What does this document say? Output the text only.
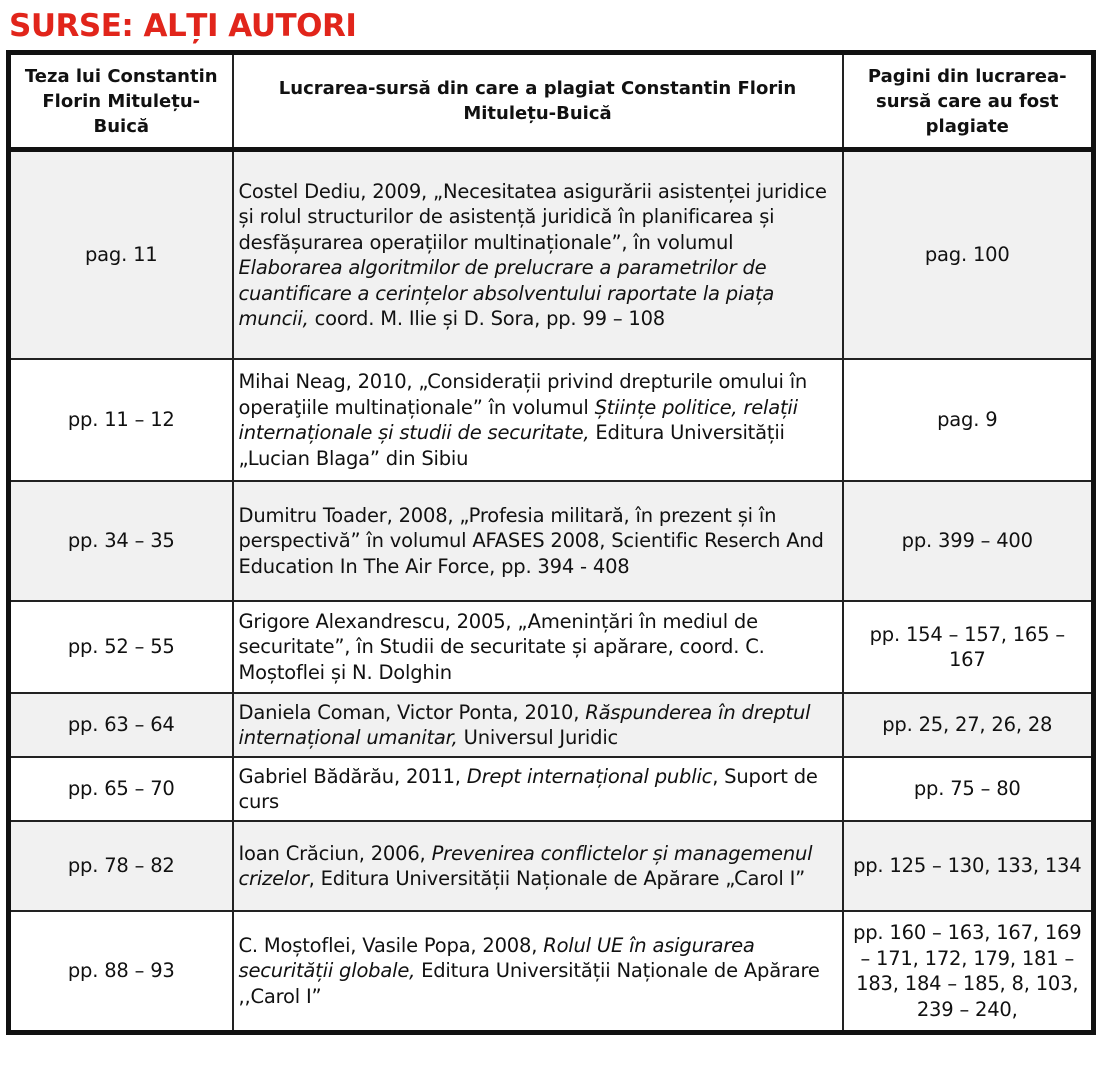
SURSE: ALȚI AUTORI
Teza lui Constantin Florin Mitulețu-Buică	Lucrarea-sursă din care a plagiat Constantin Florin Mitulețu-Buică	Pagini din lucrarea-sursă care au fost plagiate
pag. 11	Costel Dediu, 2009, „Necesitatea asigurării asistenței juridice și rolul structurilor de asistență juridică în planificarea și desfășurarea operațiilor multinaționale”, în volumul Elaborarea algoritmilor de prelucrare a parametrilor de cuantificare a cerințelor absolventului raportate la piața muncii, coord. M. Ilie și D. Sora, pp. 99 – 108	pag. 100
pp. 11 – 12	Mihai Neag, 2010, „Considerații privind drepturile omului în operaţiile multinaționale” în volumul Științe politice, relații internaționale și studii de securitate, Editura Universității „Lucian Blaga” din Sibiu	pag. 9
pp. 34 – 35	Dumitru Toader, 2008, „Profesia militară, în prezent și în perspectivă” în volumul AFASES 2008, Scientific Reserch And Education In The Air Force, pp. 394 - 408	pp. 399 – 400
pp. 52 – 55	Grigore Alexandrescu, 2005, „Amenințări în mediul de securitate”, în Studii de securitate și apărare, coord. C. Moștoflei și N. Dolghin	pp. 154 – 157, 165 – 167
pp. 63 – 64	Daniela Coman, Victor Ponta, 2010, Răspunderea în dreptul internațional umanitar, Universul Juridic	pp. 25, 27, 26, 28
pp. 65 – 70	Gabriel Bădărău, 2011, Drept internațional public, Suport de curs	pp. 75 – 80
pp. 78 – 82	Ioan Crăciun, 2006, Prevenirea conflictelor și managemenul crizelor, Editura Universității Naționale de Apărare „Carol I”	pp. 125 – 130, 133, 134
pp. 88 – 93	C. Moștoflei, Vasile Popa, 2008, Rolul UE în asigurarea securității globale, Editura Universității Naționale de Apărare ,,Carol I”	pp. 160 – 163, 167, 169 – 171, 172, 179, 181 – 183, 184 – 185, 8, 103, 239 – 240,
